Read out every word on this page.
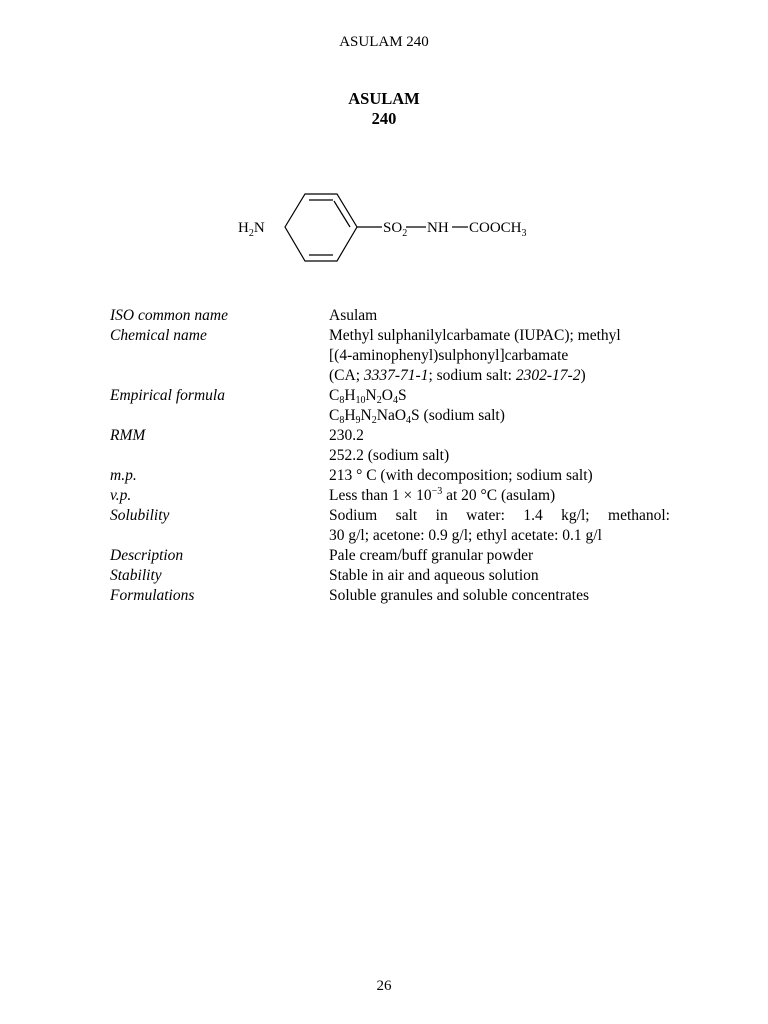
ASULAM 240
ASULAM
240
$H_2N$	$SO_2$ NH $COOCH_3$
ISO common name	Asulam
Chemical name	Methyl sulphanilylcarbamate (IUPAC); methyl
[(4-aminophenyl)sulphonyl]carbamate
(CA; 3337-71-1; sodium salt: 2302-17-2)
Empirical formula	$C_8H_{10}N_2O_4S$
$C_8H_9N_2NaO_4S$ (sodium salt)
RMM	230.2
252.2 (sodium salt)
m.p.	213 ° C (with decomposition; sodium salt)
v.p.	Less than $1 \times 10^{-3}$ at 20 °C (asulam)
Solubility	Sodium salt in water: 1.4 kg/l; methanol:
30 g/l; acetone: 0.9 g/l; ethyl acetate: 0.1 g/l
Description	Pale cream/buff granular powder
Stability	Stable in air and aqueous solution
Formulations	Soluble granules and soluble concentrates
26
